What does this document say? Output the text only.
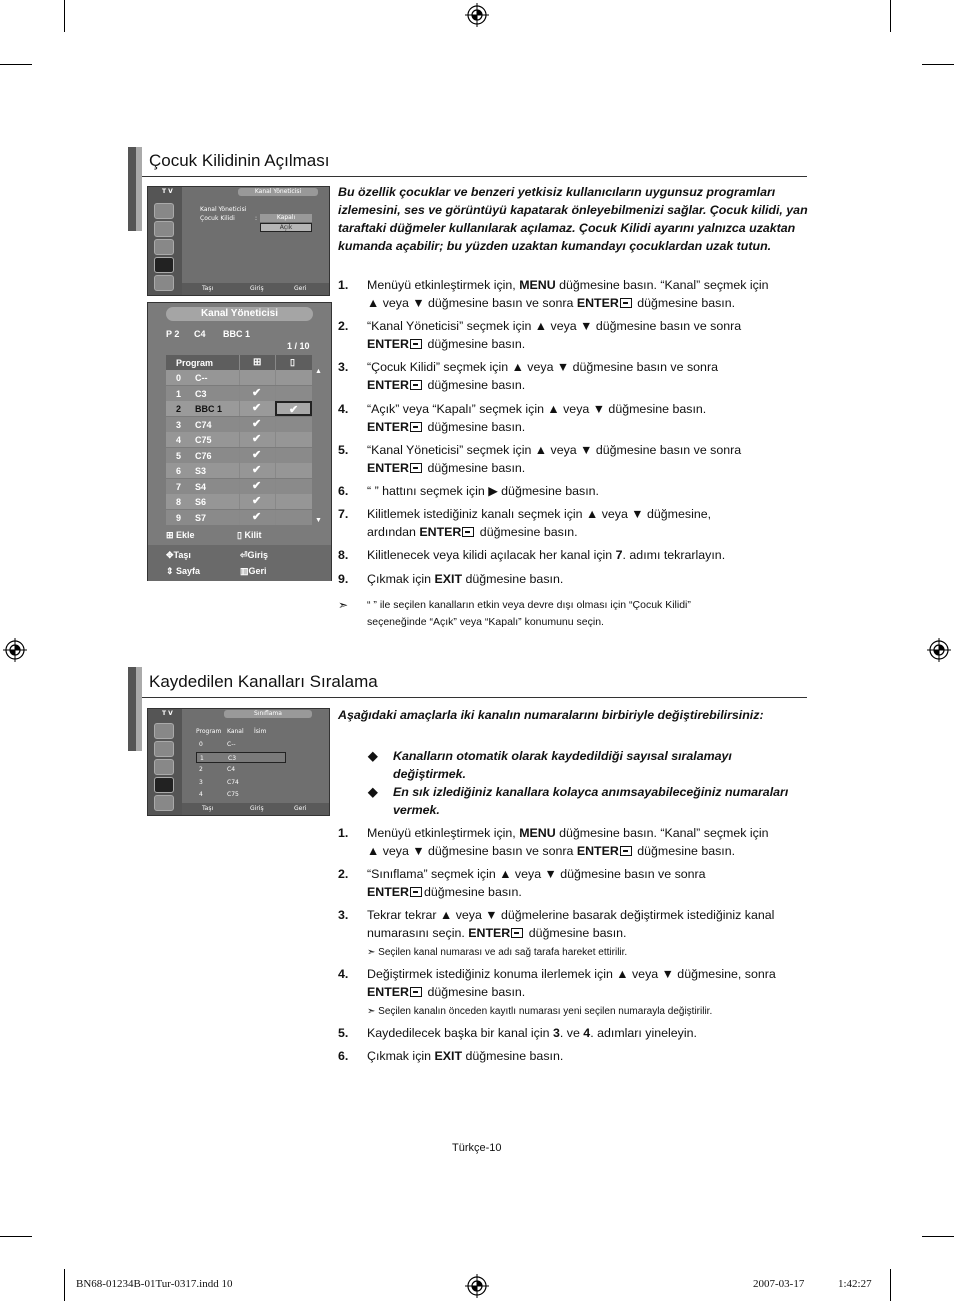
Çocuk Kilidinin Açılması
T V	Kanal Yöneticisi
Kanal Yöneticisi
Çocuk Kilidi	:	Kapalı
Açık
Taşı	Giriş	Geri
Kanal Yöneticisi
P 2 C4 BBC 1
1 / 10
Program	⊞	▯
0 C--
1 C3	✔
2 BBC 1	✔	✔
3 C74	✔
4 C75	✔
5 C76	✔
6 S3	✔
7 S4	✔
8 S6	✔
9 S7	✔
⊞ Ekle	▯ Kilit
✥Taşı	⏎Giriş
⇕ Sayfa	▥Geri
▲
▼
Bu özellik çocuklar ve benzeri yetkisiz kullanıcıların uygunsuz programları izlemesini, ses ve görüntüyü kapatarak önleyebilmenizi sağlar. Çocuk kilidi, yan taraftaki düğmeler kullanılarak açılamaz. Çocuk Kilidi ayarını yalnızca uzaktan kumanda açabilir; bu yüzden uzaktan kumandayı çocuklardan uzak tutun.
1. Menüyü etkinleştirmek için, MENU düğmesine basın. “Kanal” seçmek için
▲ veya ▼ düğmesine basın ve sonra ENTER düğmesine basın.
2. “Kanal Yöneticisi” seçmek için ▲ veya ▼ düğmesine basın ve sonra
ENTER düğmesine basın.
3. “Çocuk Kilidi” seçmek için ▲ veya ▼ düğmesine basın ve sonra
ENTER düğmesine basın.
4. “Açık” veya “Kapalı” seçmek için ▲ veya ▼ düğmesine basın.
ENTER düğmesine basın.
5. “Kanal Yöneticisi” seçmek için ▲ veya ▼ düğmesine basın ve sonra
ENTER düğmesine basın.
6. “ ” hattını seçmek için ▶ düğmesine basın.
7. Kilitlemek istediğiniz kanalı seçmek için ▲ veya ▼ düğmesine,
ardından ENTER düğmesine basın.
8. Kilitlenecek veya kilidi açılacak her kanal için 7. adımı tekrarlayın.
9. Çıkmak için EXIT düğmesine basın.
➣ “ ” ile seçilen kanalların etkin veya devre dışı olması için “Çocuk Kilidi”
seçeneğinde “Açık” veya “Kapalı” konumunu seçin.
Kaydedilen Kanalları Sıralama
T V	Sınıflama
Program Kanal İsim
0	C--
1	C3
2	C4
3	C74
4	C75
Taşı	Giriş	Geri
Aşağıdaki amaçlarla iki kanalın numaralarını birbiriyle değiştirebilirsiniz:
◆ Kanalların otomatik olarak kaydedildiği sayısal sıralamayı değiştirmek.
◆ En sık izlediğiniz kanallara kolayca anımsayabileceğiniz numaraları vermek.
1. Menüyü etkinleştirmek için, MENU düğmesine basın. “Kanal” seçmek için
▲ veya ▼ düğmesine basın ve sonra ENTER düğmesine basın.
2. “Sınıflama” seçmek için ▲ veya ▼ düğmesine basın ve sonra
ENTER düğmesine basın.
3. Tekrar tekrar ▲ veya ▼ düğmelerine basarak değiştirmek istediğiniz kanal
numarasını seçin. ENTER düğmesine basın.
4. Değiştirmek istediğiniz konuma ilerlemek için ▲ veya ▼ düğmesine, sonra
ENTER düğmesine basın.
5. Kaydedilecek başka bir kanal için 3. ve 4. adımları yineleyin.
6. Çıkmak için EXIT düğmesine basın.
➣ Seçilen kanal numarası ve adı sağ tarafa hareket ettirilir.
➣ Seçilen kanalın önceden kayıtlı numarası yeni seçilen numarayla değiştirilir.
Türkçe-10
BN68-01234B-01Tur-0317.indd 10	2007-03-17	1:42:27
